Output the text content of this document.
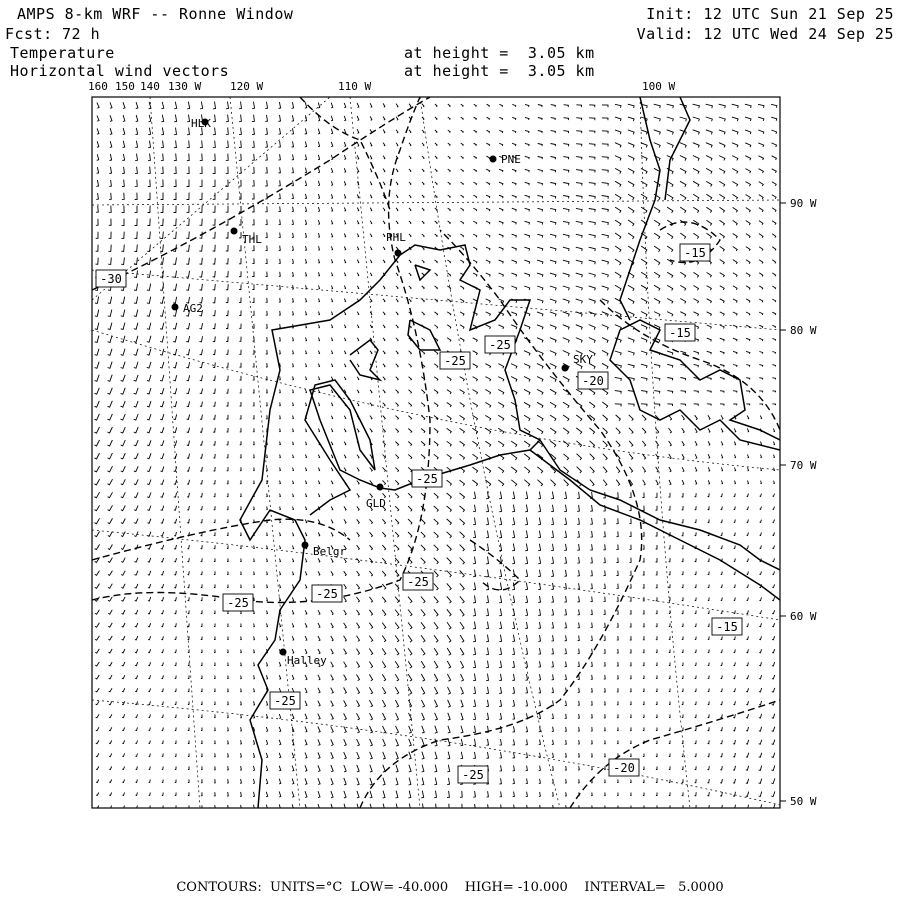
AMPS 8-km WRF -- Ronne Window
Fcst: 72 h
Temperature
Horizontal wind vectors
at height =  3.05 km
at height =  3.05 km
Init: 12 UTC Sun 21 Sep 25
Valid: 12 UTC Wed 24 Sep 25
90 W
80 W
70 W
60 W
50 W
160 150 140 130 W	120 W	110 W	100 W
HLK
PNE
THL	PHL
AG2
SKY
GLD
Belgr
Halley
-30
-15
-25
-15
-25
-20
-25
-25
-25
-25
-15
-25
-25	-20
CONTOURS:  UNITS=°C  LOW= -40.000    HIGH= -10.000    INTERVAL=   5.0000
